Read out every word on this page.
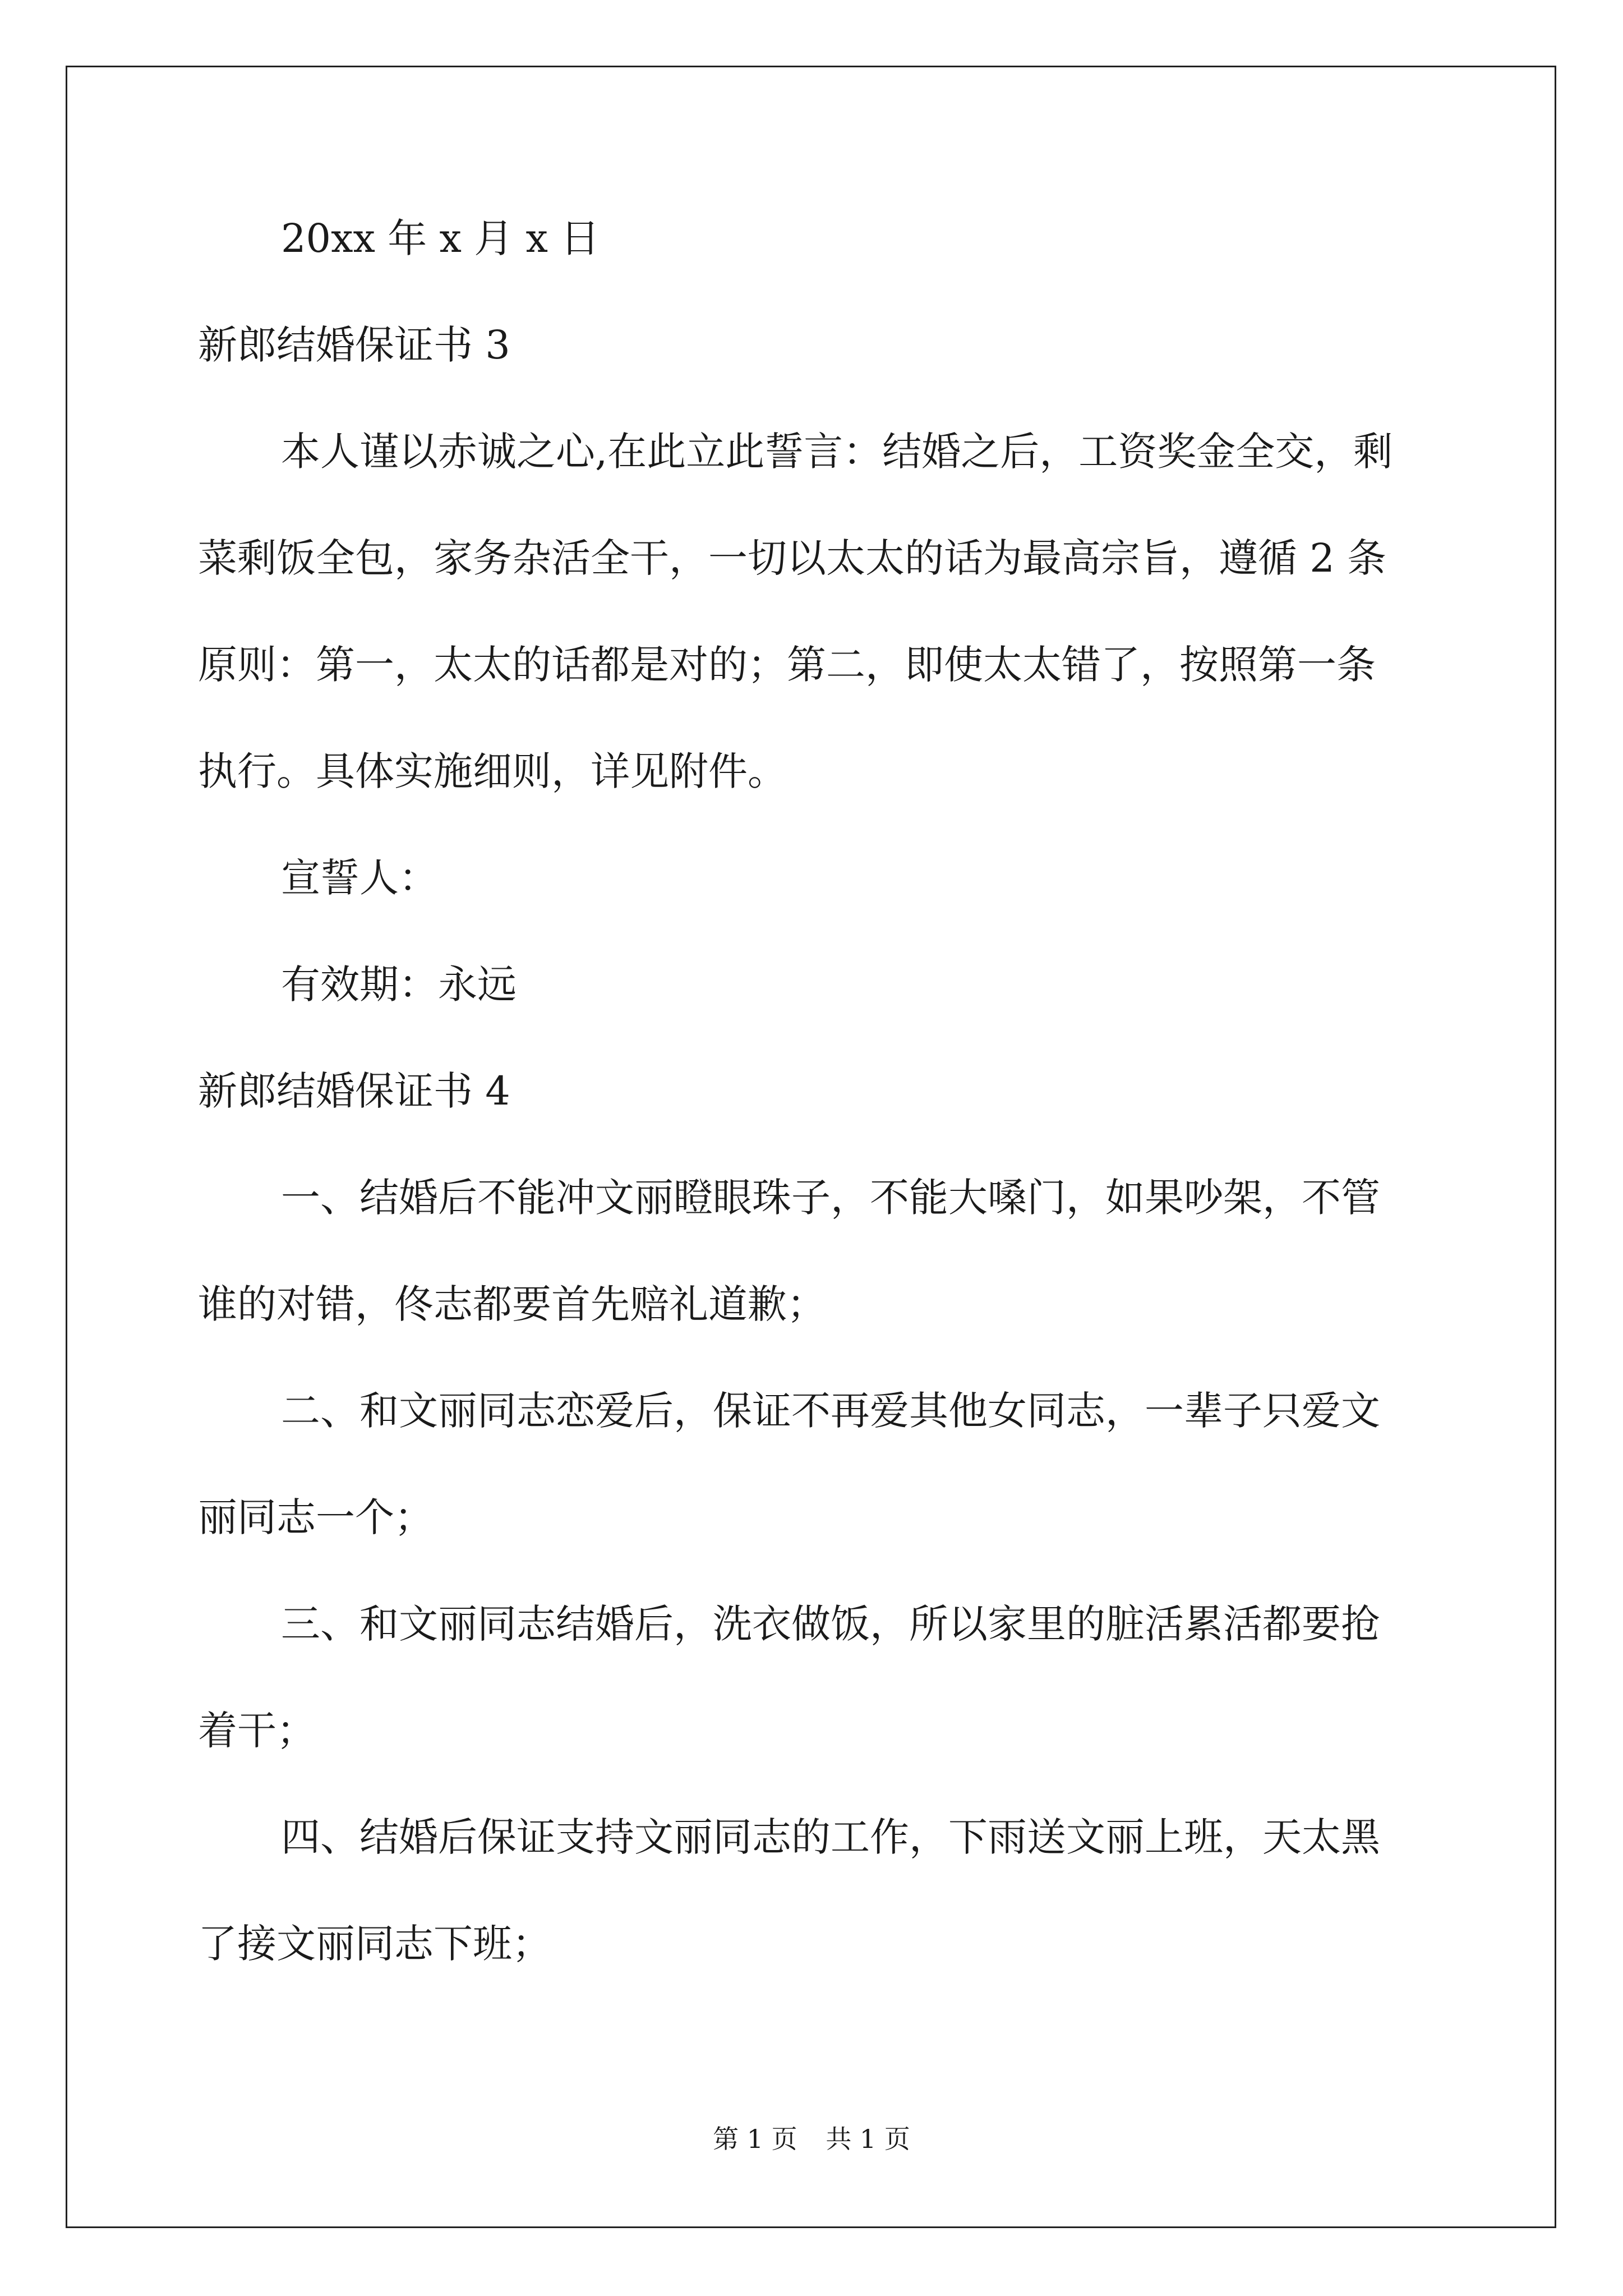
20xx 年 x 月 x 日

新郎结婚保证书 3

本人谨以赤诚之心,在此立此誓言：结婚之后，工资奖金全交，剩

菜剩饭全包，家务杂活全干，一切以太太的话为最高宗旨，遵循 2 条

原则：第一，太太的话都是对的；第二，即使太太错了，按照第一条

执行。具体实施细则，详见附件。

宣誓人：

有效期：永远

新郎结婚保证书 4

一、结婚后不能冲文丽瞪眼珠子，不能大嗓门，如果吵架，不管

谁的对错，佟志都要首先赔礼道歉；

二、和文丽同志恋爱后，保证不再爱其他女同志，一辈子只爱文

丽同志一个；

三、和文丽同志结婚后，洗衣做饭，所以家里的脏活累活都要抢

着干；

四、结婚后保证支持文丽同志的工作，下雨送文丽上班，天太黑

了接文丽同志下班；

第 1 页 共 1 页
